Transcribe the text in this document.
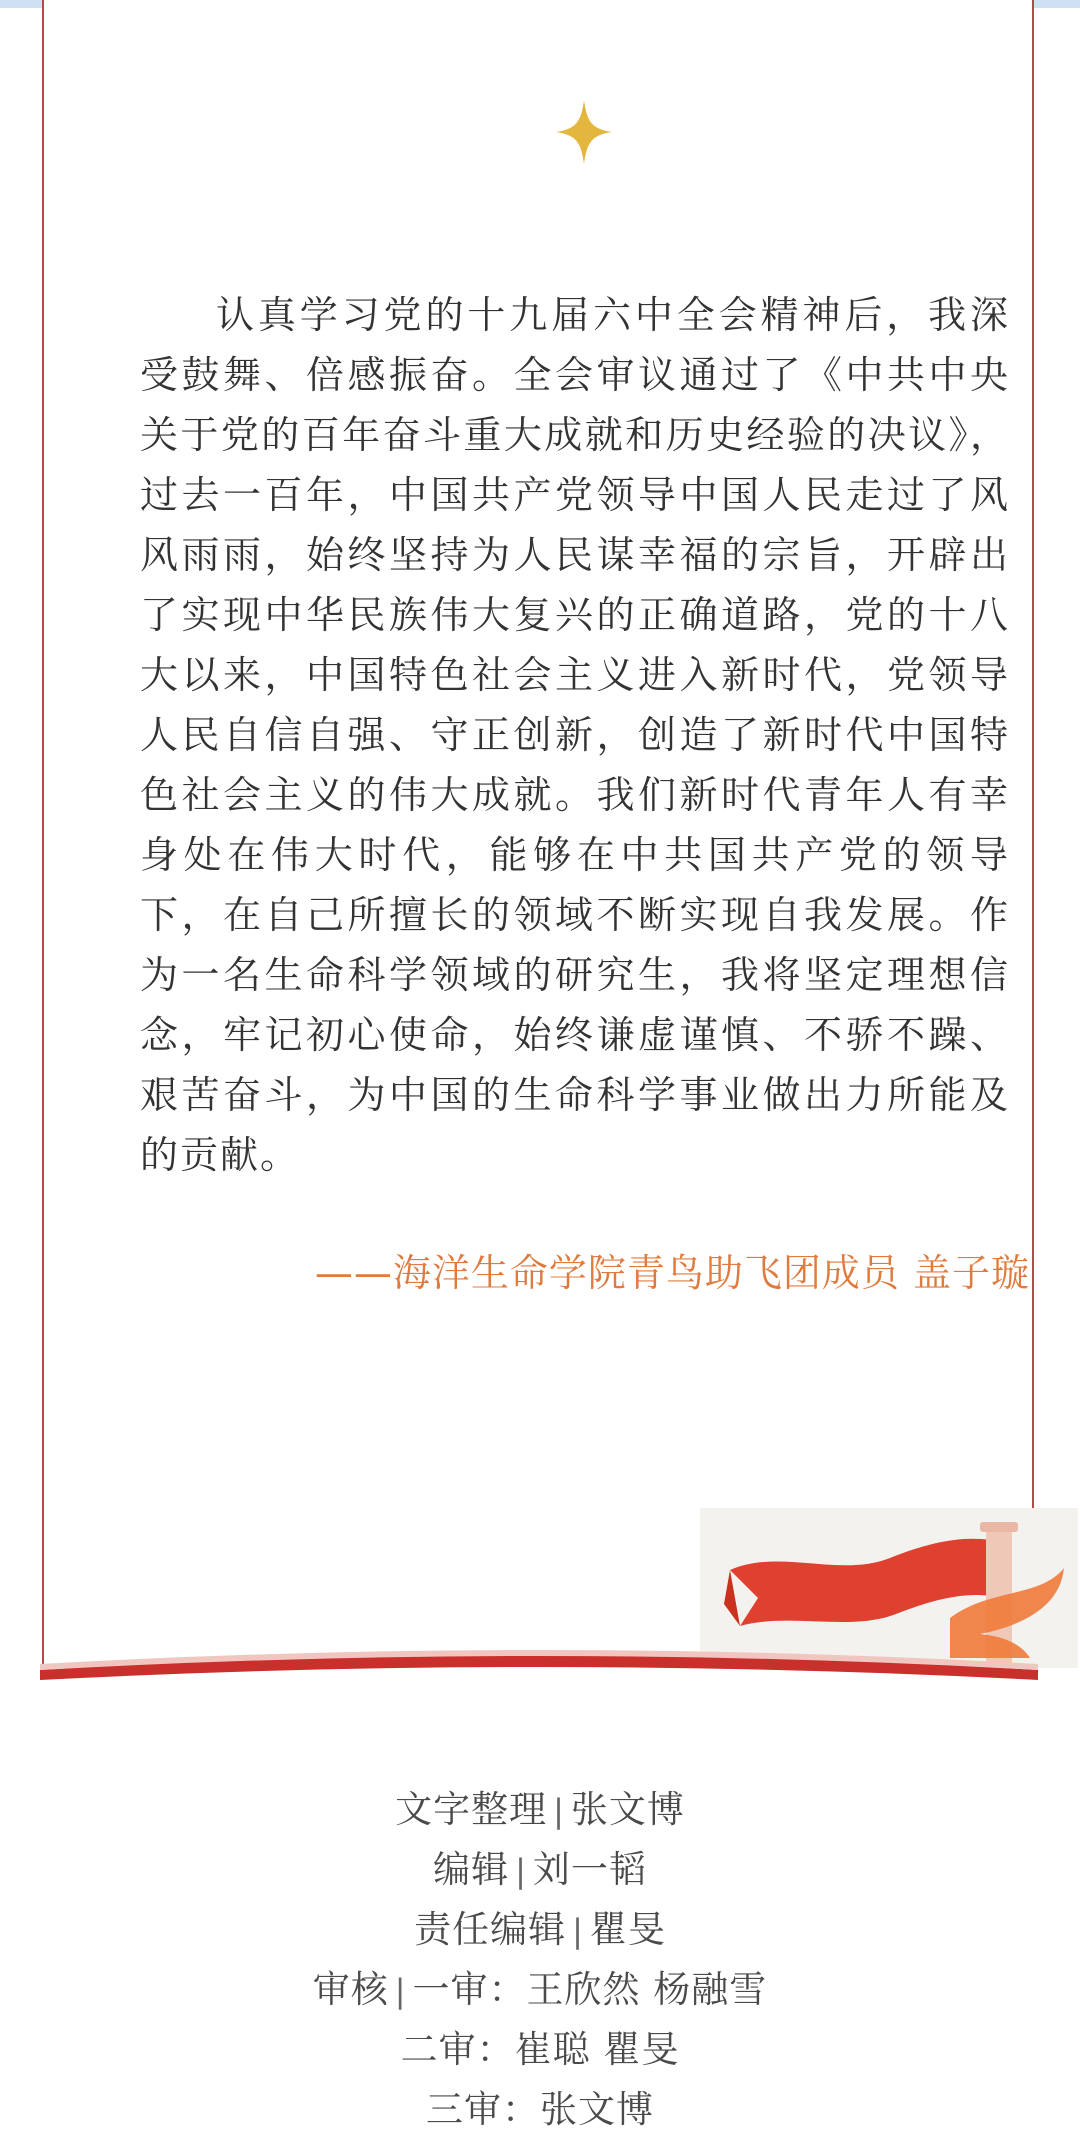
认真学习党的十九届六中全会精神后，我深受鼓舞、倍感振奋。全会审议通过了《中共中央关于党的百年奋斗重大成就和历史经验的决议》，过去一百年，中国共产党领导中国人民走过了风风雨雨，始终坚持为人民谋幸福的宗旨，开辟出了实现中华民族伟大复兴的正确道路，党的十八大以来，中国特色社会主义进入新时代，党领导人民自信自强、守正创新，创造了新时代中国特色社会主义的伟大成就。我们新时代青年人有幸身处在伟大时代，能够在中共国共产党的领导下，在自己所擅长的领域不断实现自我发展。作为一名生命科学领域的研究生，我将坚定理想信念，牢记初心使命，始终谦虚谨慎、不骄不躁、艰苦奋斗，为中国的生命科学事业做出力所能及的贡献。

——海洋生命学院青鸟助飞团成员 盖子璇
文字整理 | 张文博
编辑 | 刘一韬
责任编辑 | 瞿旻
审核 | 一审：王欣然 杨融雪
二审：崔聪 瞿旻
三审：张文博
